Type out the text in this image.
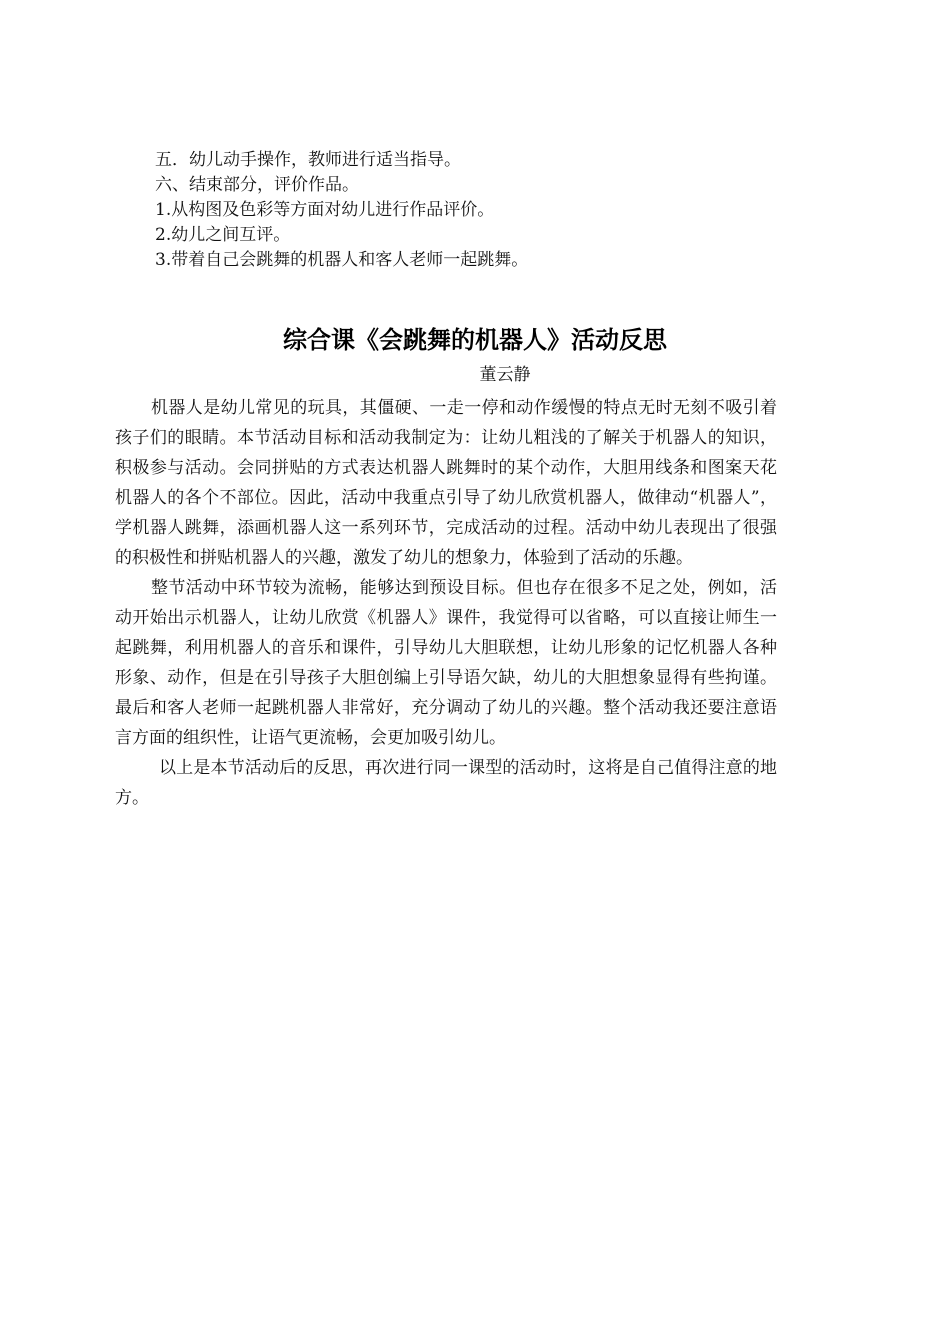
五．幼儿动手操作，教师进行适当指导。
六、结束部分，评价作品。
1.从构图及色彩等方面对幼儿进行作品评价。
2.幼儿之间互评。
3.带着自己会跳舞的机器人和客人老师一起跳舞。
综合课《会跳舞的机器人》活动反思
董云静

机器人是幼儿常见的玩具，其僵硬、一走一停和动作缓慢的特点无时无刻不吸引着孩子们的眼睛。本节活动目标和活动我制定为：让幼儿粗浅的了解关于机器人的知识，积极参与活动。会同拼贴的方式表达机器人跳舞时的某个动作，大胆用线条和图案天花机器人的各个不部位。因此，活动中我重点引导了幼儿欣赏机器人，做律动“机器人”，学机器人跳舞，添画机器人这一系列环节，完成活动的过程。活动中幼儿表现出了很强的积极性和拼贴机器人的兴趣，激发了幼儿的想象力，体验到了活动的乐趣。

整节活动中环节较为流畅，能够达到预设目标。但也存在很多不足之处，例如，活动开始出示机器人，让幼儿欣赏《机器人》课件，我觉得可以省略，可以直接让师生一起跳舞，利用机器人的音乐和课件，引导幼儿大胆联想，让幼儿形象的记忆机器人各种形象、动作，但是在引导孩子大胆创编上引导语欠缺，幼儿的大胆想象显得有些拘谨。最后和客人老师一起跳机器人非常好，充分调动了幼儿的兴趣。整个活动我还要注意语言方面的组织性，让语气更流畅，会更加吸引幼儿。

以上是本节活动后的反思，再次进行同一课型的活动时，这将是自己值得注意的地方。
